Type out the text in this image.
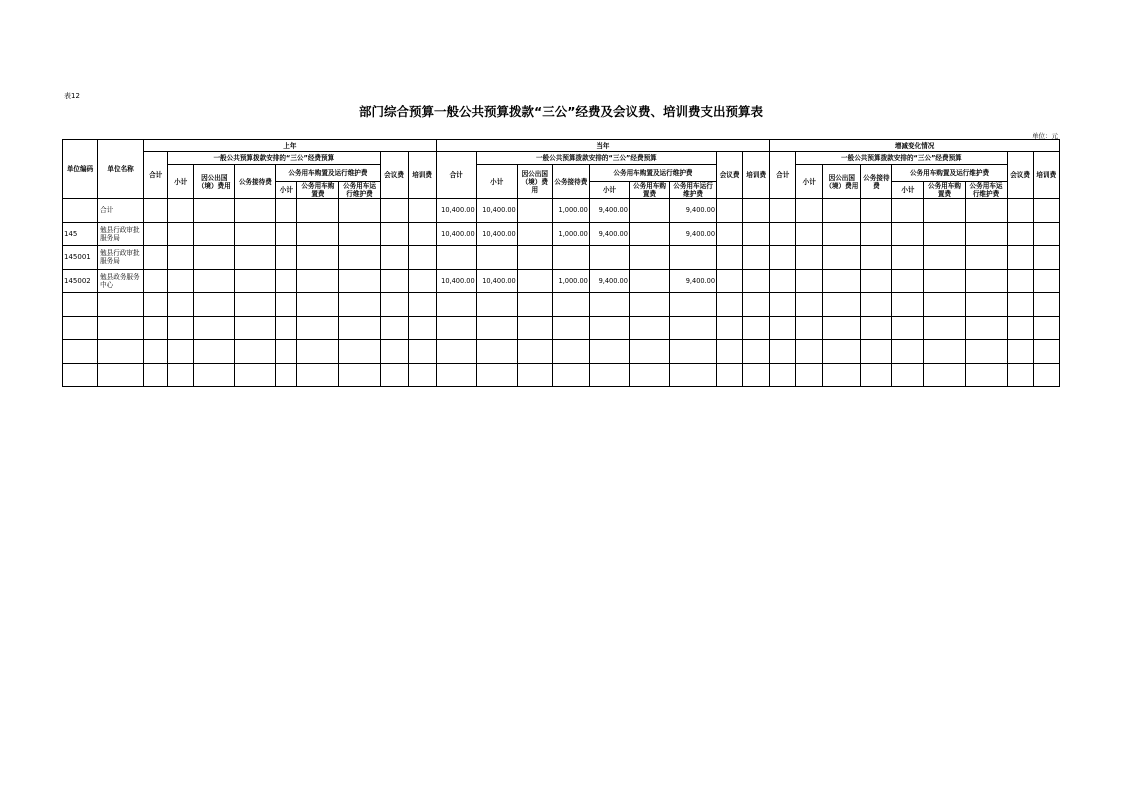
表12
部门综合预算一般公共预算拨款“三公”经费及会议费、培训费支出预算表
单位：元
单位编码	单位名称	上年									当年									增减变化情况								
		合计	一般公共预算拨款安排的“三公”经费预算						会议费	培训费	合计	一般公共预算拨款安排的“三公”经费预算						会议费	培训费	合计	一般公共预算拨款安排的“三公”经费预算						会议费	培训费
			小计	因公出国（境）费用	公务接待费	公务用车购置及运行维护费						小计	因公出国（境）费用	公务接待费	公务用车购置及运行维护费						小计	因公出国（境）费用	公务接待费	公务用车购置及运行维护费				
						小计	公务用车购置费	公务用车运行维护费							小计	公务用车购置费	公务用车运行维护费							小计	公务用车购置费	公务用车运行维护费		
	合计										10,400.00	10,400.00		1,000.00	9,400.00		9,400.00											
145	勉县行政审批服务局										10,400.00	10,400.00		1,000.00	9,400.00		9,400.00											
145001	勉县行政审批服务局																											
145002	勉县政务服务中心										10,400.00	10,400.00		1,000.00	9,400.00		9,400.00											
